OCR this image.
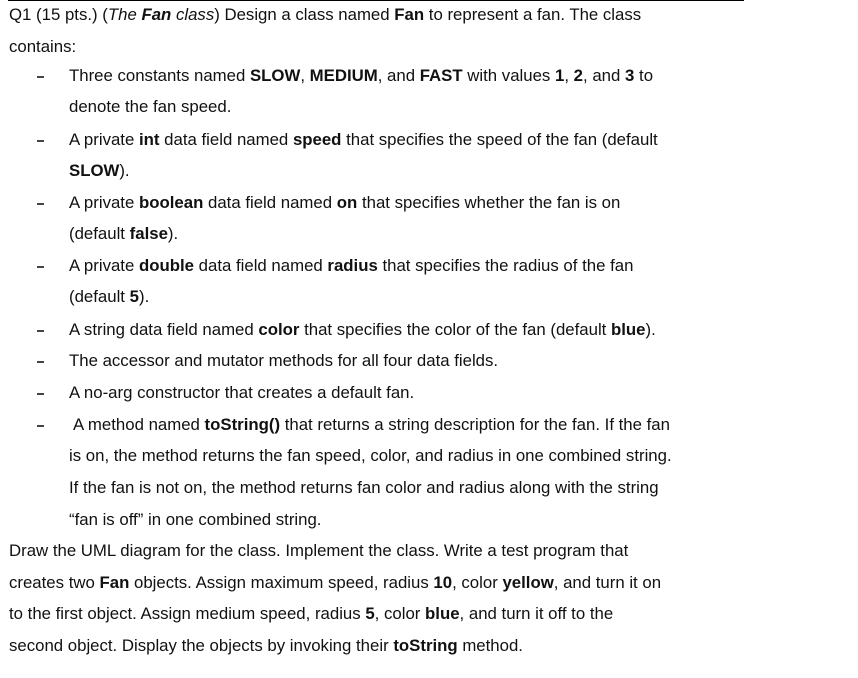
Q1 (15 pts.) (The Fan class) Design a class named Fan to represent a fan. The class
contains:
Three constants named SLOW, MEDIUM, and FAST with values 1, 2, and 3 to
denote the fan speed.
A private int data field named speed that specifies the speed of the fan (default
SLOW).
A private boolean data field named on that specifies whether the fan is on
(default false).
A private double data field named radius that specifies the radius of the fan
(default 5).
A string data field named color that specifies the color of the fan (default blue).
The accessor and mutator methods for all four data fields.
A no-arg constructor that creates a default fan.
A method named toString() that returns a string description for the fan. If the fan
is on, the method returns the fan speed, color, and radius in one combined string.
If the fan is not on, the method returns fan color and radius along with the string
“fan is off” in one combined string.
Draw the UML diagram for the class. Implement the class. Write a test program that
creates two Fan objects. Assign maximum speed, radius 10, color yellow, and turn it on
to the first object. Assign medium speed, radius 5, color blue, and turn it off to the
second object. Display the objects by invoking their toString method.
